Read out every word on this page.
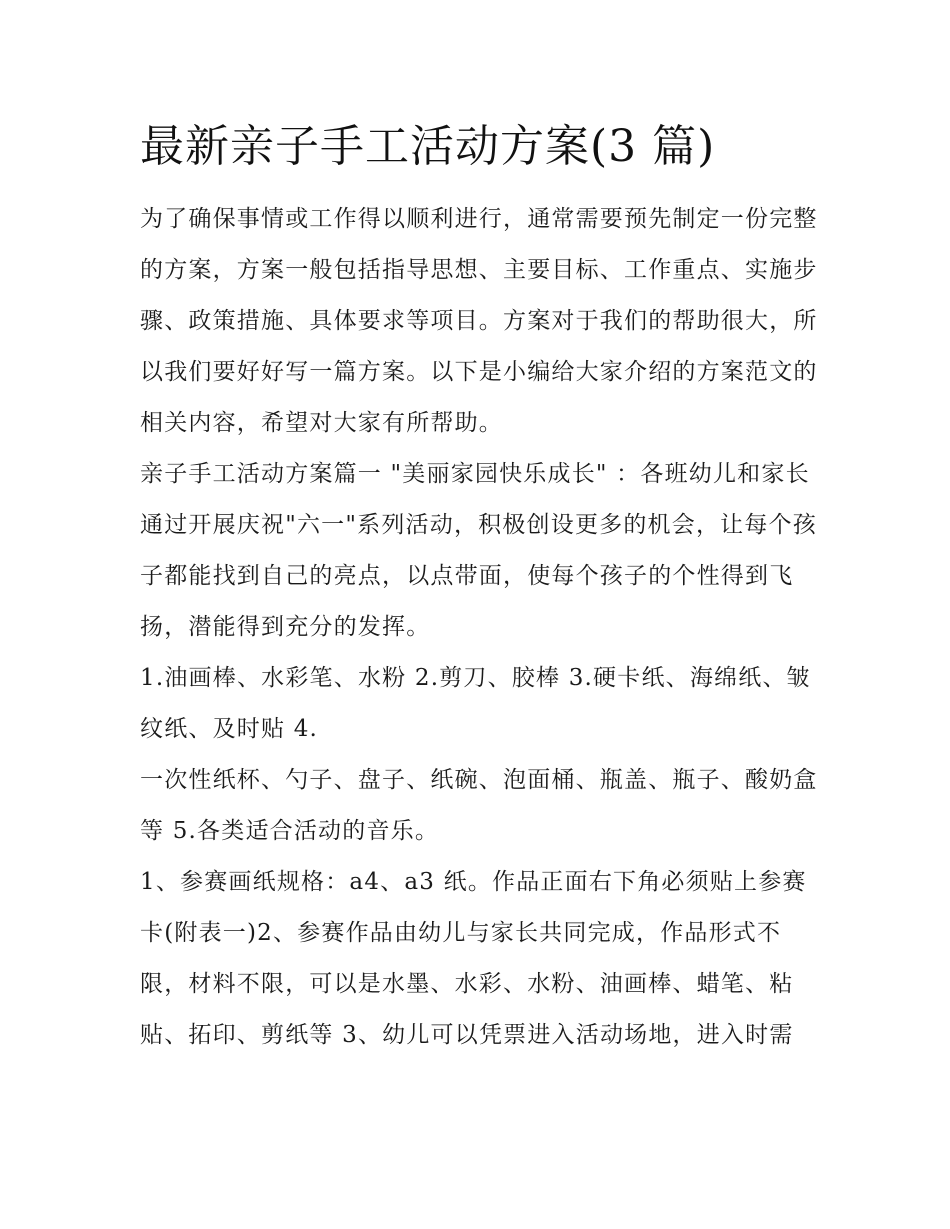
最新亲子手工活动方案(3 篇)

为了确保事情或工作得以顺利进行，通常需要预先制定一份完整的方案，方案一般包括指导思想、主要目标、工作重点、实施步骤、政策措施、具体要求等项目。方案对于我们的帮助很大，所以我们要好好写一篇方案。以下是小编给大家介绍的方案范文的相关内容，希望对大家有所帮助。

亲子手工活动方案篇一 "美丽家园快乐成长" ：各班幼儿和家长

通过开展庆祝"六一"系列活动，积极创设更多的机会，让每个孩子都能找到自己的亮点，以点带面，使每个孩子的个性得到飞扬，潜能得到充分的发挥。

1.油画棒、水彩笔、水粉 2.剪刀、胶棒 3.硬卡纸、海绵纸、皱纹纸、及时贴 4.

一次性纸杯、勺子、盘子、纸碗、泡面桶、瓶盖、瓶子、酸奶盒等 5.各类适合活动的音乐。

1、参赛画纸规格：a4、a3 纸。作品正面右下角必须贴上参赛卡(附表一)2、参赛作品由幼儿与家长共同完成，作品形式不限，材料不限，可以是水墨、水彩、水粉、油画棒、蜡笔、粘贴、拓印、剪纸等 3、幼儿可以凭票进入活动场地，进入时需
